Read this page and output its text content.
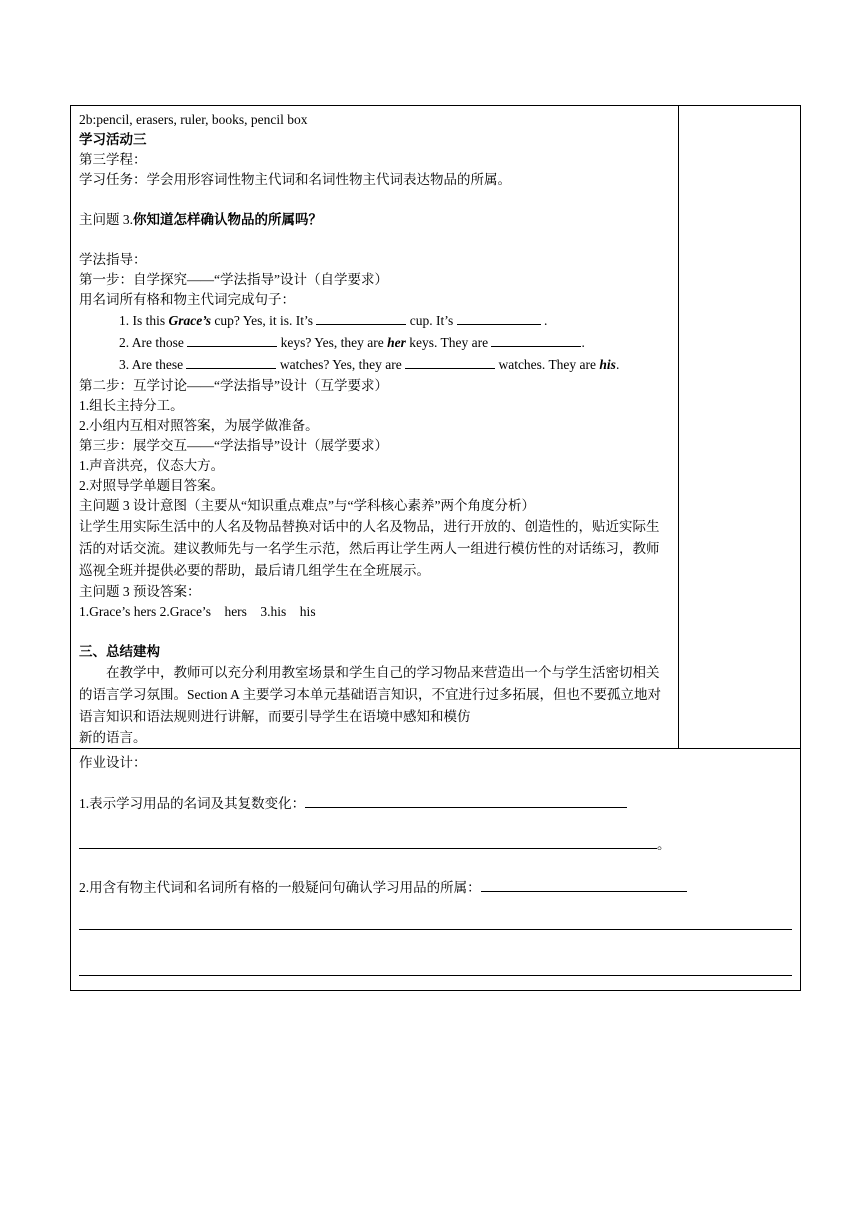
2b:pencil, erasers, ruler, books, pencil box
学习活动三
第三学程：
学习任务：学会用形容词性物主代词和名词性物主代词表达物品的所属。
主问题 3.你知道怎样确认物品的所属吗？
学法指导：
第一步：自学探究——“学法指导”设计（自学要求）
用名词所有格和物主代词完成句子：
1. Is this Grace’s cup? Yes, it is. It’s	cup. It’s	.
2. Are those	keys? Yes, they are her keys. They are	.
3. Are these	watches? Yes, they are	watches. They are his.
第二步：互学讨论——“学法指导”设计（互学要求）
1.组长主持分工。
2.小组内互相对照答案，为展学做准备。
第三步：展学交互——“学法指导”设计（展学要求）
1.声音洪亮，仪态大方。
2.对照导学单题目答案。
主问题 3 设计意图（主要从“知识重点难点”与“学科核心素养”两个角度分析）
让学生用实际生活中的人名及物品替换对话中的人名及物品，进行开放的、创造性的，贴近实际生活的对话交流。建议教师先与一名学生示范，然后再让学生两人一组进行模仿性的对话练习，教师巡视全班并提供必要的帮助，最后请几组学生在全班展示。
主问题 3 预设答案：
1.Grace’s hers 2.Grace’s    hers    3.his    his
三、总结建构
在教学中，教师可以充分利用教室场景和学生自己的学习物品来营造出一个与学生活密切相关的语言学习氛围。Section A 主要学习本单元基础语言知识，不宜进行过多拓展，但也不要孤立地对语言知识和语法规则进行讲解，而要引导学生在语境中感知和模仿
新的语言。

作业设计：
1.表示学习用品的名词及其复数变化：
。
2.用含有物主代词和名词所有格的一般疑问句确认学习用品的所属：
